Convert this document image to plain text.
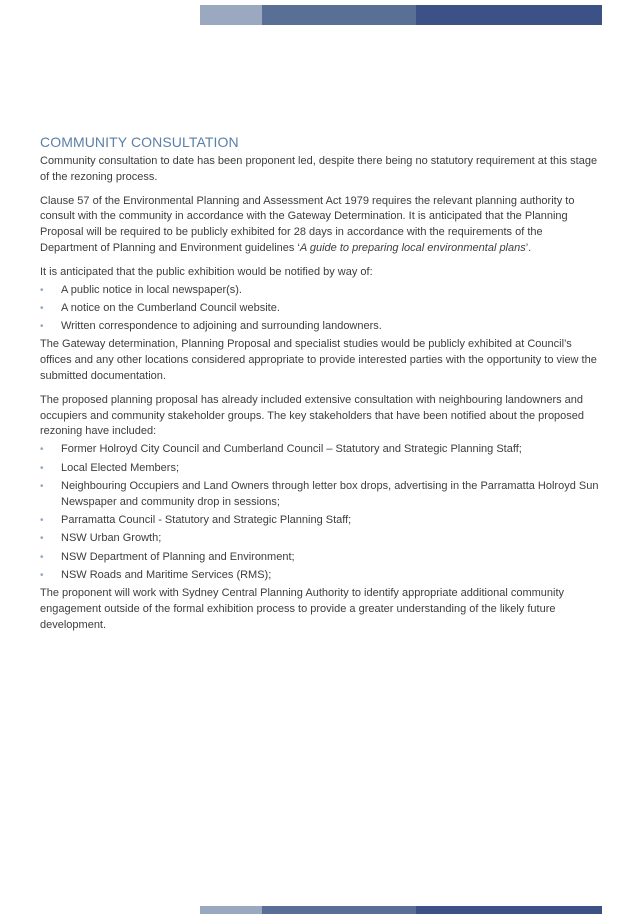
COMMUNITY CONSULTATION

Community consultation to date has been proponent led, despite there being no statutory requirement at this stage of the rezoning process.

Clause 57 of the Environmental Planning and Assessment Act 1979 requires the relevant planning authority to consult with the community in accordance with the Gateway Determination. It is anticipated that the Planning Proposal will be required to be publicly exhibited for 28 days in accordance with the requirements of the Department of Planning and Environment guidelines ‘A guide to preparing local environmental plans’.

It is anticipated that the public exhibition would be notified by way of:

• A public notice in local newspaper(s).
• A notice on the Cumberland Council website.
• Written correspondence to adjoining and surrounding landowners.

The Gateway determination, Planning Proposal and specialist studies would be publicly exhibited at Council’s offices and any other locations considered appropriate to provide interested parties with the opportunity to view the submitted documentation.

The proposed planning proposal has already included extensive consultation with neighbouring landowners and occupiers and community stakeholder groups. The key stakeholders that have been notified about the proposed rezoning have included:

• Former Holroyd City Council and Cumberland Council – Statutory and Strategic Planning Staff;
• Local Elected Members;
• Neighbouring Occupiers and Land Owners through letter box drops, advertising in the Parramatta Holroyd Sun Newspaper and community drop in sessions;
• Parramatta Council - Statutory and Strategic Planning Staff;
• NSW Urban Growth;
• NSW Department of Planning and Environment;
• NSW Roads and Maritime Services (RMS);

The proponent will work with Sydney Central Planning Authority to identify appropriate additional community engagement outside of the formal exhibition process to provide a greater understanding of the likely future development.
